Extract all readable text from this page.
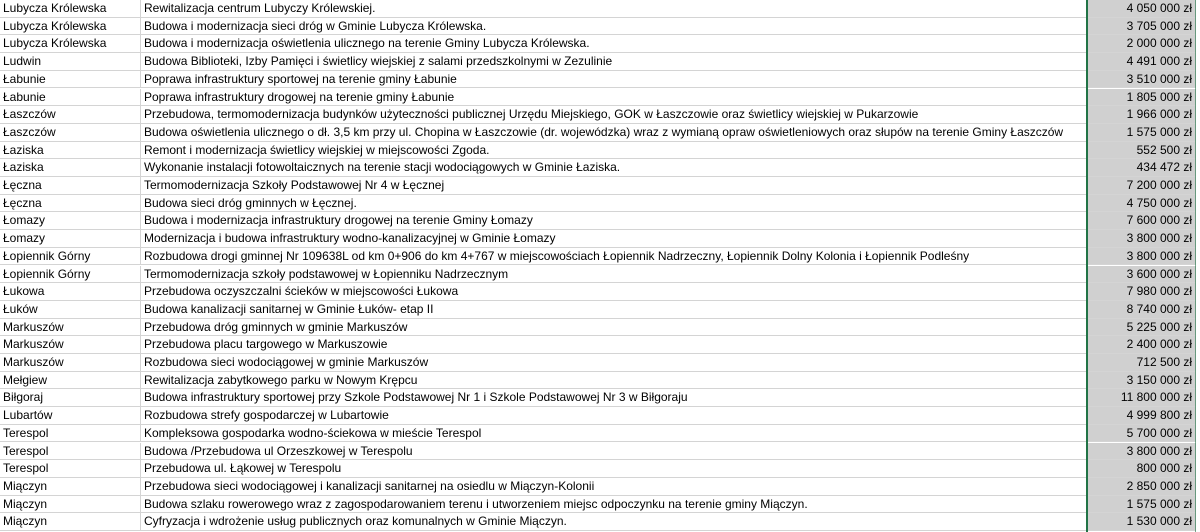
Lubycza Królewska	Rewitalizacja centrum Lubyczy Królewskiej.	4 050 000 zł
Lubycza Królewska	Budowa i modernizacja sieci dróg w Gminie Lubycza Królewska.	3 705 000 zł
Lubycza Królewska	Budowa i modernizacja oświetlenia ulicznego na terenie Gminy Lubycza Królewska.	2 000 000 zł
Ludwin	Budowa Biblioteki, Izby Pamięci i świetlicy wiejskiej z salami przedszkolnymi w Zezulinie	4 491 000 zł
Łabunie	Poprawa infrastruktury sportowej na terenie gminy Łabunie	3 510 000 zł
Łabunie	Poprawa infrastruktury drogowej na terenie gminy Łabunie	1 805 000 zł
Łaszczów	Przebudowa, termomodernizacja budynków użyteczności publicznej Urzędu Miejskiego, GOK w Łaszczowie oraz świetlicy wiejskiej w Pukarzowie	1 966 000 zł
Łaszczów	Budowa oświetlenia ulicznego o dł. 3,5 km przy ul. Chopina w Łaszczowie (dr. wojewódzka) wraz z wymianą opraw oświetleniowych oraz słupów na terenie Gminy Łaszczów	1 575 000 zł
Łaziska	Remont i modernizacja świetlicy wiejskiej w miejscowości Zgoda.	552 500 zł
Łaziska	Wykonanie instalacji fotowoltaicznych na terenie stacji wodociągowych w Gminie Łaziska.	434 472 zł
Łęczna	Termomodernizacja Szkoły Podstawowej Nr 4 w Łęcznej	7 200 000 zł
Łęczna	Budowa sieci dróg gminnych w Łęcznej.	4 750 000 zł
Łomazy	Budowa i modernizacja infrastruktury drogowej na terenie Gminy Łomazy	7 600 000 zł
Łomazy	Modernizacja i budowa infrastruktury wodno-kanalizacyjnej w Gminie Łomazy	3 800 000 zł
Łopiennik Górny	Rozbudowa drogi gminnej Nr 109638L od km 0+906 do km 4+767 w miejscowościach Łopiennik Nadrzeczny, Łopiennik Dolny Kolonia i Łopiennik Podleśny	3 800 000 zł
Łopiennik Górny	Termomodernizacja szkoły podstawowej w Łopienniku Nadrzecznym	3 600 000 zł
Łukowa	Przebudowa oczyszczalni ścieków w miejscowości Łukowa	7 980 000 zł
Łuków	Budowa kanalizacji sanitarnej w Gminie Łuków- etap II	8 740 000 zł
Markuszów	Przebudowa dróg gminnych w gminie Markuszów	5 225 000 zł
Markuszów	Przebudowa placu targowego w Markuszowie	2 400 000 zł
Markuszów	Rozbudowa sieci wodociągowej w gminie Markuszów	712 500 zł
Mełgiew	Rewitalizacja zabytkowego parku w Nowym Krępcu	3 150 000 zł
Biłgoraj	Budowa infrastruktury sportowej przy Szkole Podstawowej Nr 1 i Szkole Podstawowej Nr 3 w Biłgoraju	11 800 000 zł
Lubartów	Rozbudowa strefy gospodarczej w Lubartowie	4 999 800 zł
Terespol	Kompleksowa gospodarka wodno-ściekowa w mieście Terespol	5 700 000 zł
Terespol	Budowa /Przebudowa ul Orzeszkowej w Terespolu	3 800 000 zł
Terespol	Przebudowa ul. Łąkowej w Terespolu	800 000 zł
Miączyn	Przebudowa sieci wodociągowej i kanalizacji sanitarnej na osiedlu w Miączyn-Kolonii	2 850 000 zł
Miączyn	Budowa szlaku rowerowego wraz z zagospodarowaniem terenu i utworzeniem miejsc odpoczynku na terenie gminy Miączyn.	1 575 000 zł
Miączyn	Cyfryzacja i wdrożenie usług publicznych oraz komunalnych w Gminie Miączyn.	1 530 000 zł
